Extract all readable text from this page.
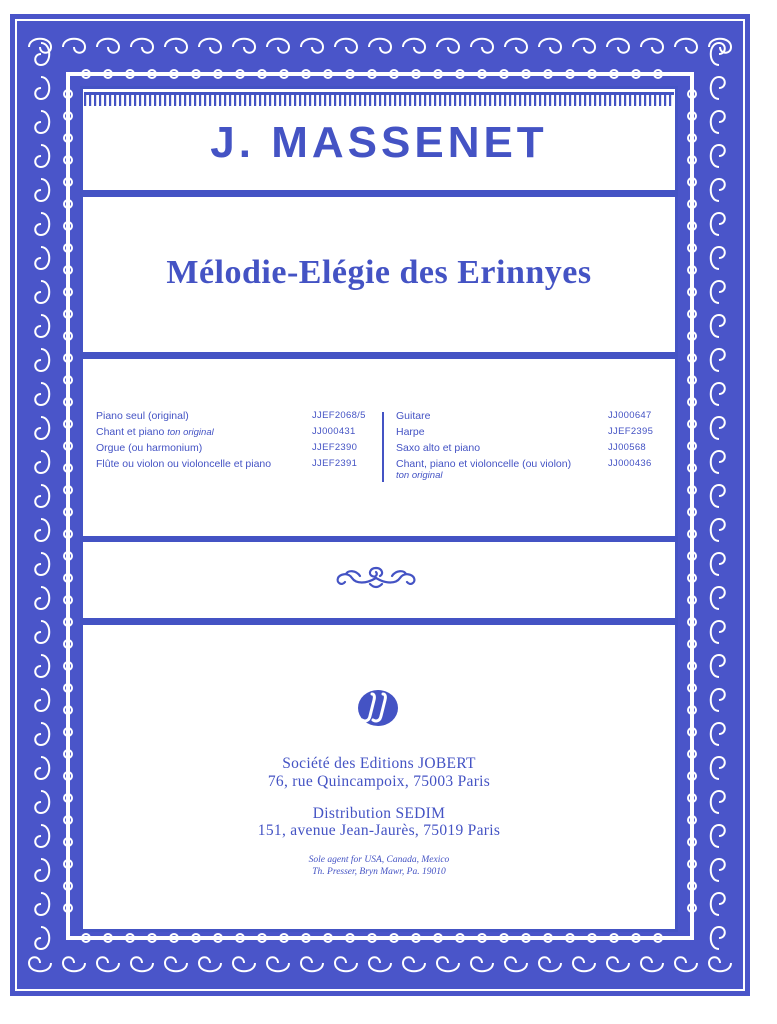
J. MASSENET
Mélodie-Elégie des Erinnyes
Piano seul (original)	JJEF2068/5
Chant et piano ton original	JJ000431
Orgue (ou harmonium)	JJEF2390
Flûte ou violon ou violoncelle et piano	JJEF2391
Guitare	JJ000647
Harpe	JJEF2395
Saxo alto et piano	JJ00568
Chant, piano et violoncelle (ou violon)	JJ000436
ton original
Société des Editions JOBERT
76, rue Quincampoix, 75003 Paris
Distribution SEDIM
151, avenue Jean-Jaurès, 75019 Paris
Sole agent for USA, Canada, Mexico
Th. Presser, Bryn Mawr, Pa. 19010
